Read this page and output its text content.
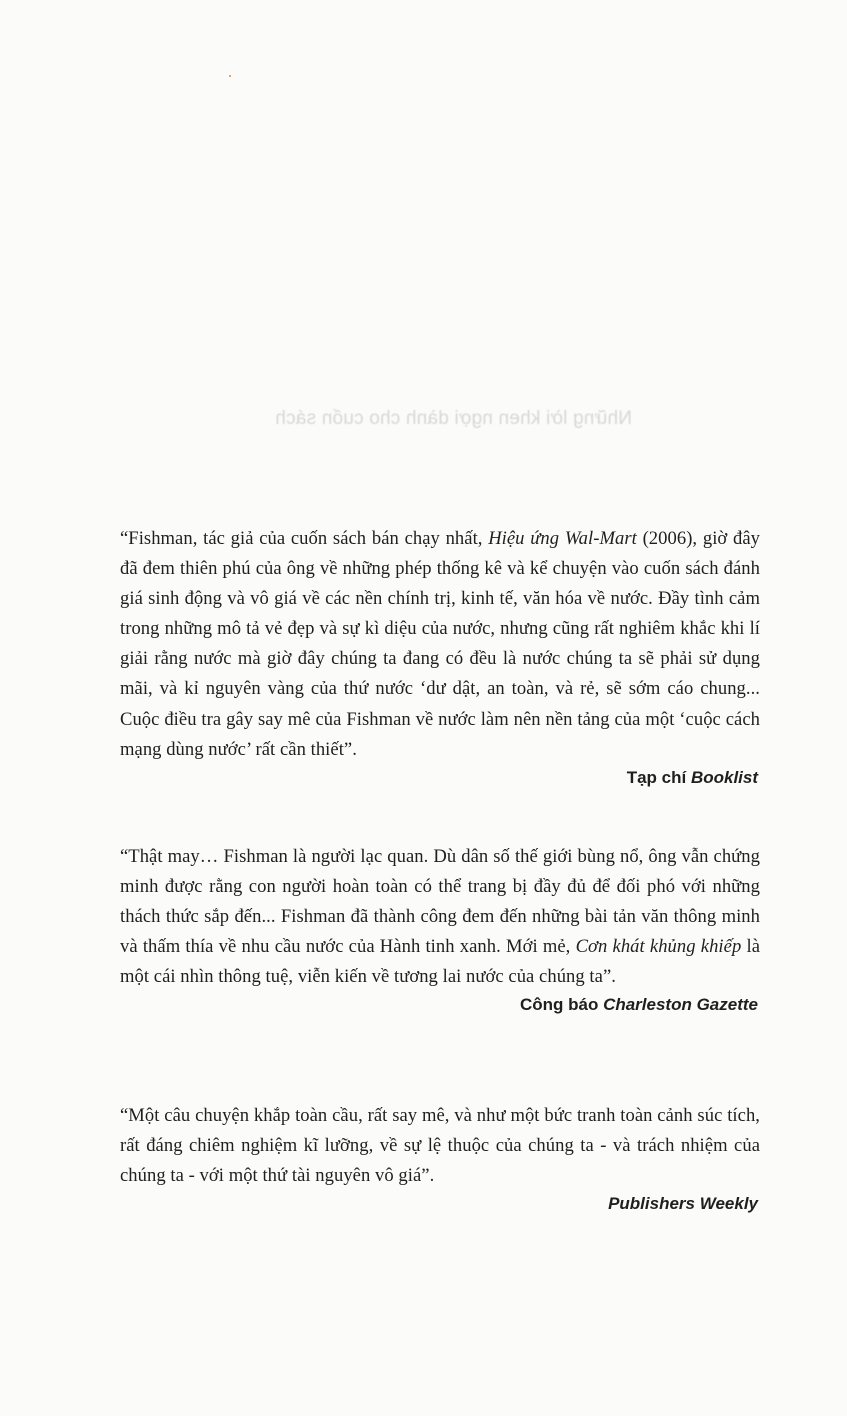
Những lời khen ngợi dành cho cuốn sách

“Fishman, tác giả của cuốn sách bán chạy nhất, Hiệu ứng Wal-Mart (2006), giờ đây đã đem thiên phú của ông về những phép thống kê và kể chuyện vào cuốn sách đánh giá sinh động và vô giá về các nền chính trị, kinh tế, văn hóa về nước. Đầy tình cảm trong những mô tả vẻ đẹp và sự kì diệu của nước, nhưng cũng rất nghiêm khắc khi lí giải rằng nước mà giờ đây chúng ta đang có đều là nước chúng ta sẽ phải sử dụng mãi, và kỉ nguyên vàng của thứ nước ‘dư dật, an toàn, và rẻ, sẽ sớm cáo chung... Cuộc điều tra gây say mê của Fishman về nước làm nên nền tảng của một ‘cuộc cách mạng dùng nước’ rất cần thiết”.

Tạp chí Booklist

“Thật may… Fishman là người lạc quan. Dù dân số thế giới bùng nổ, ông vẫn chứng minh được rằng con người hoàn toàn có thể trang bị đầy đủ để đối phó với những thách thức sắp đến... Fishman đã thành công đem đến những bài tản văn thông minh và thấm thía về nhu cầu nước của Hành tinh xanh. Mới mẻ, Cơn khát khủng khiếp là một cái nhìn thông tuệ, viễn kiến về tương lai nước của chúng ta”.

Công báo Charleston Gazette

“Một câu chuyện khắp toàn cầu, rất say mê, và như một bức tranh toàn cảnh súc tích, rất đáng chiêm nghiệm kĩ lưỡng, về sự lệ thuộc của chúng ta - và trách nhiệm của chúng ta - với một thứ tài nguyên vô giá”.

Publishers Weekly
